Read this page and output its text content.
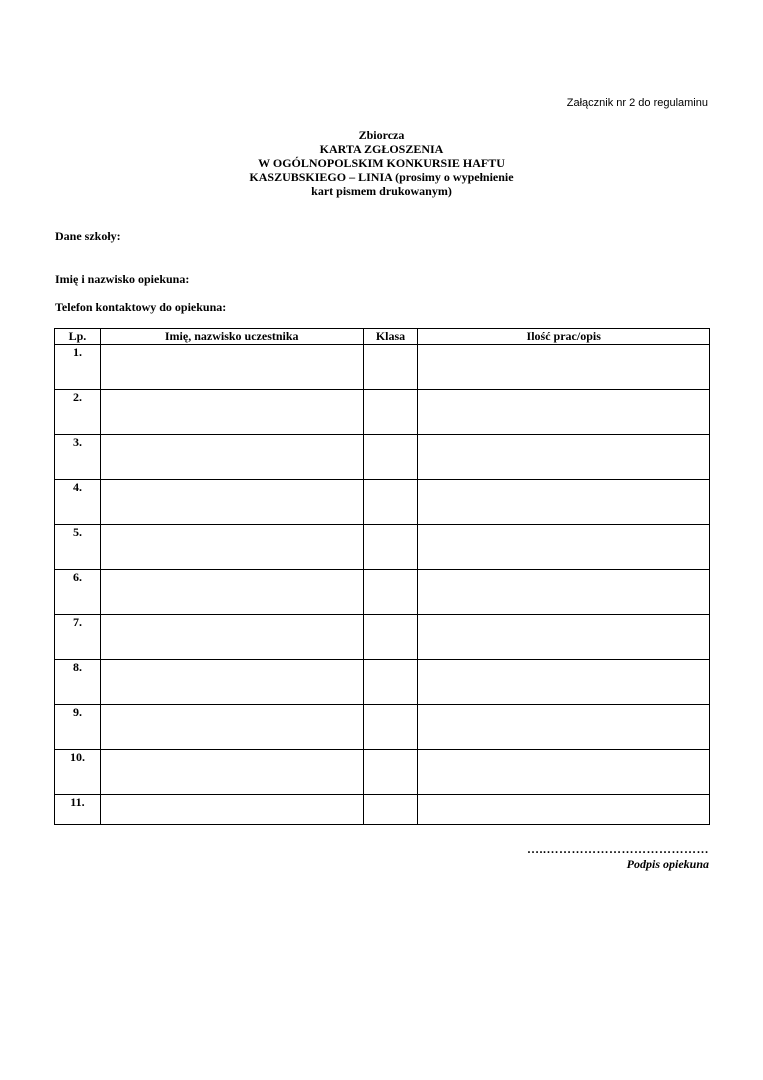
Załącznik nr 2 do regulaminu
Zbiorcza
KARTA ZGŁOSZENIA
W OGÓLNOPOLSKIM KONKURSIE HAFTU
KASZUBSKIEGO – LINIA (prosimy o wypełnienie
kart pismem drukowanym)
Dane szkoły:
Imię i nazwisko opiekuna:
Telefon kontaktowy do opiekuna:
Lp.	Imię, nazwisko uczestnika	Klasa	Ilość prac/opis
1.			
2.			
3.			
4.			
5.			
6.			
7.			
8.			
9.			
10.			
11.			
…..…………………………………
Podpis opiekuna
